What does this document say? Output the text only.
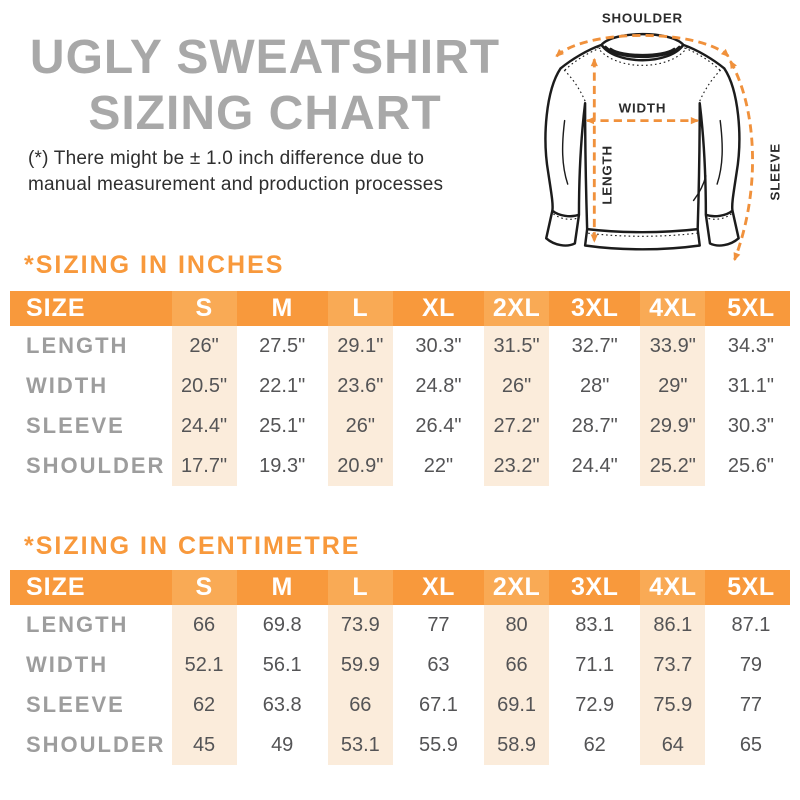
UGLY SWEATSHIRT
SIZING CHART
(*) There might be ± 1.0 inch difference due to
manual measurement and production processes
SHOULDER
WIDTH
LENGTH	SLEEVE
*SIZING IN INCHES
SIZE	S	M	L	XL	2XL	3XL	4XL	5XL
LENGTH	26"	27.5"	29.1"	30.3"	31.5"	32.7"	33.9"	34.3"
WIDTH	20.5"	22.1"	23.6"	24.8"	26"	28"	29"	31.1"
SLEEVE	24.4"	25.1"	26"	26.4"	27.2"	28.7"	29.9"	30.3"
SHOULDER 17.7"	19.3"	20.9"	22"	23.2"	24.4"	25.2"	25.6"
*SIZING IN CENTIMETRE
SIZE	S	M	L	XL	2XL	3XL	4XL	5XL
LENGTH	66	69.8	73.9	77	80	83.1	86.1	87.1
WIDTH	52.1	56.1	59.9	63	66	71.1	73.7	79
SLEEVE	62	63.8	66	67.1	69.1	72.9	75.9	77
SHOULDER	45	49	53.1	55.9	58.9	62	64	65
